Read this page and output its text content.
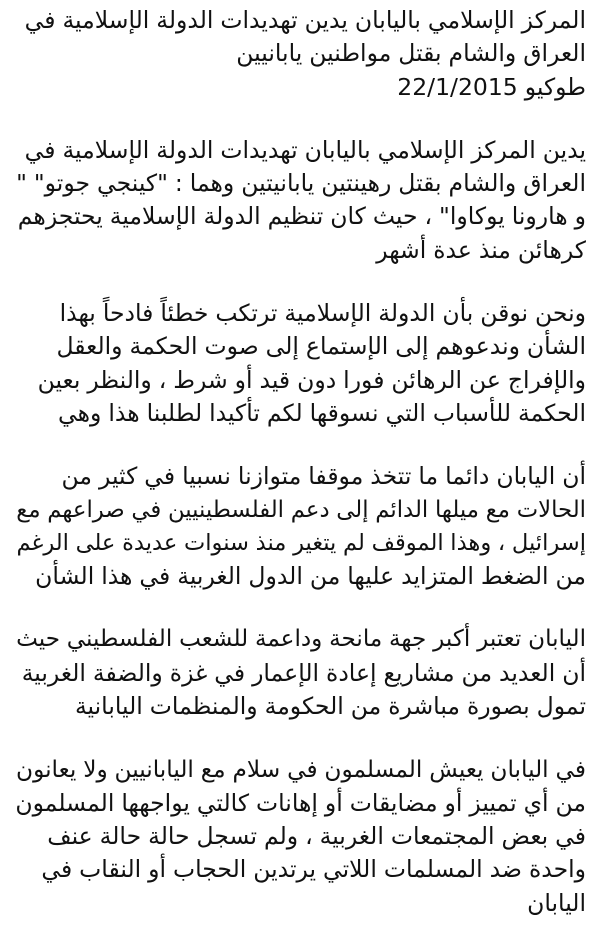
المركز الإسلامي باليابان يدين تهديدات الدولة الإسلامية في
العراق والشام بقتل مواطنين يابانيين
طوكيو 22/1/2015
يدين المركز الإسلامي باليابان تهديدات الدولة الإسلامية في
العراق والشام بقتل رهينتين يابانيتين وهما : "كينجي جوتو" "
و هارونا يوكاوا" ، حيث كان تنظيم الدولة الإسلامية يحتجزهم
كرهائن منذ عدة أشهر
ونحن نوقن بأن الدولة الإسلامية ترتكب خطئاً فادحاً بهذا
الشأن وندعوهم إلى الإستماع إلى صوت الحكمة والعقل
والإفراج عن الرهائن فورا دون قيد أو شرط ، والنظر بعين
الحكمة للأسباب التي نسوقها لكم تأكيدا لطلبنا هذا وهي
أن اليابان دائما ما تتخذ موقفا متوازنا نسبيا في كثير من
الحالات مع ميلها الدائم إلى دعم الفلسطينيين في صراعهم مع
إسرائيل ، وهذا الموقف لم يتغير منذ سنوات عديدة على الرغم
من الضغط المتزايد عليها من الدول الغربية في هذا الشأن
اليابان تعتبر أكبر جهة مانحة وداعمة للشعب الفلسطيني حيث
أن العديد من مشاريع إعادة الإعمار في غزة والضفة الغربية
تمول بصورة مباشرة من الحكومة والمنظمات اليابانية
في اليابان يعيش المسلمون في سلام مع اليابانيين ولا يعانون
من أي تمييز أو مضايقات أو إهانات كالتي يواجهها المسلمون
في بعض المجتمعات الغربية ، ولم تسجل حالة حالة عنف
واحدة ضد المسلمات اللاتي يرتدين الحجاب أو النقاب في
اليابان
